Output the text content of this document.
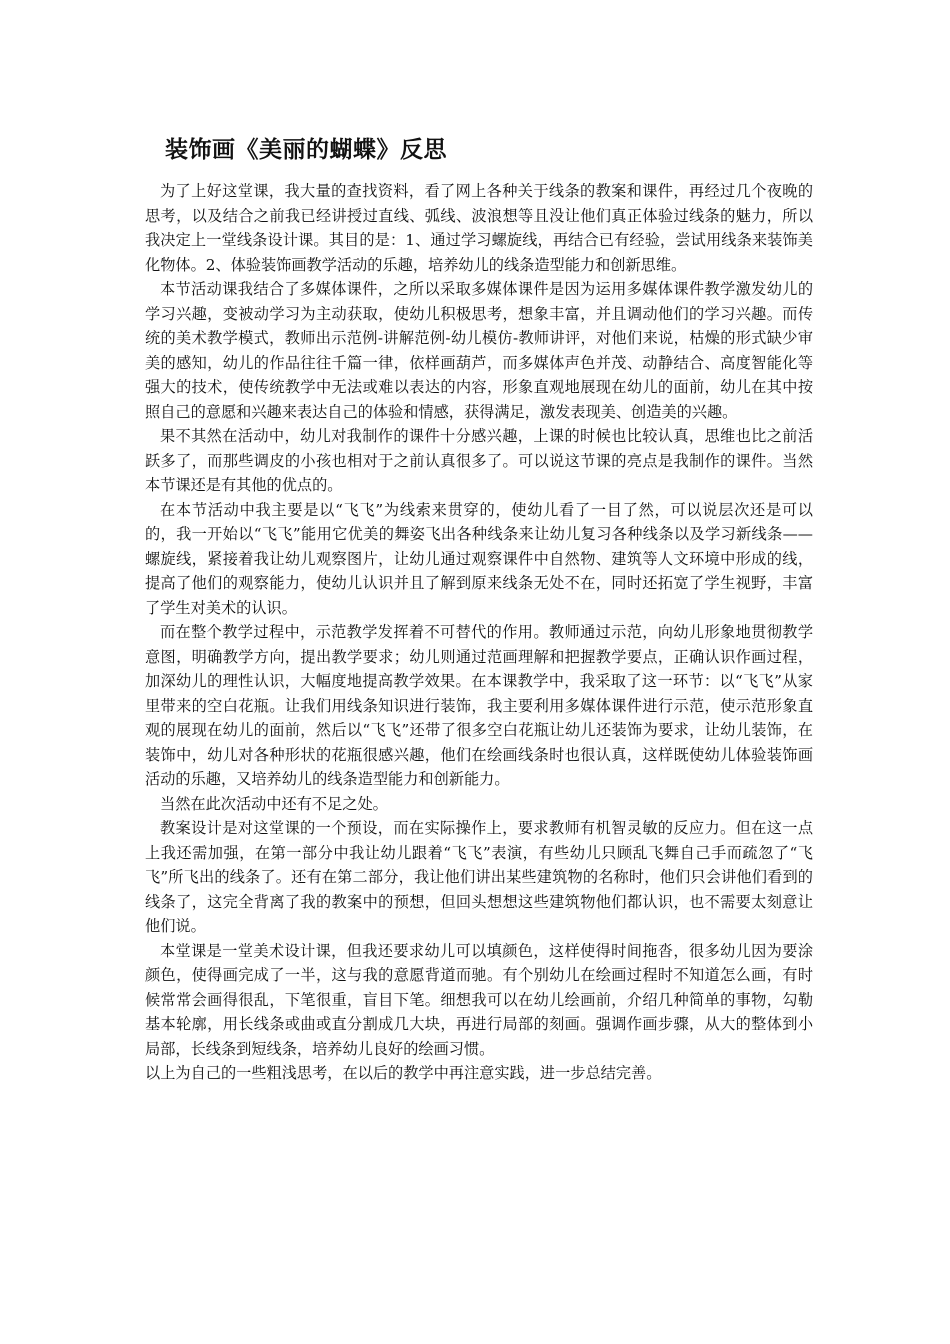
装饰画《美丽的蝴蝶》反思

为了上好这堂课，我大量的查找资料，看了网上各种关于线条的教案和课件，再经过几个夜晚的思考，以及结合之前我已经讲授过直线、弧线、波浪想等且没让他们真正体验过线条的魅力，所以我决定上一堂线条设计课。其目的是：1、通过学习螺旋线，再结合已有经验，尝试用线条来装饰美化物体。2、体验装饰画教学活动的乐趣，培养幼儿的线条造型能力和创新思维。

本节活动课我结合了多媒体课件，之所以采取多媒体课件是因为运用多媒体课件教学激发幼儿的学习兴趣，变被动学习为主动获取，使幼儿积极思考，想象丰富，并且调动他们的学习兴趣。而传统的美术教学模式，教师出示范例-讲解范例-幼儿模仿-教师讲评，对他们来说，枯燥的形式缺少审美的感知，幼儿的作品往往千篇一律，依样画葫芦，而多媒体声色并茂、动静结合、高度智能化等强大的技术，使传统教学中无法或难以表达的内容，形象直观地展现在幼儿的面前，幼儿在其中按照自己的意愿和兴趣来表达自己的体验和情感，获得满足，激发表现美、创造美的兴趣。

果不其然在活动中，幼儿对我制作的课件十分感兴趣，上课的时候也比较认真，思维也比之前活跃多了，而那些调皮的小孩也相对于之前认真很多了。可以说这节课的亮点是我制作的课件。当然本节课还是有其他的优点的。

在本节活动中我主要是以“飞飞”为线索来贯穿的，使幼儿看了一目了然，可以说层次还是可以的，我一开始以“飞飞”能用它优美的舞姿飞出各种线条来让幼儿复习各种线条以及学习新线条——螺旋线，紧接着我让幼儿观察图片，让幼儿通过观察课件中自然物、建筑等人文环境中形成的线，提高了他们的观察能力，使幼儿认识并且了解到原来线条无处不在，同时还拓宽了学生视野，丰富了学生对美术的认识。

而在整个教学过程中，示范教学发挥着不可替代的作用。教师通过示范，向幼儿形象地贯彻教学意图，明确教学方向，提出教学要求；幼儿则通过范画理解和把握教学要点，正确认识作画过程，加深幼儿的理性认识，大幅度地提高教学效果。在本课教学中，我采取了这一环节：以“飞飞”从家里带来的空白花瓶。让我们用线条知识进行装饰，我主要利用多媒体课件进行示范，使示范形象直观的展现在幼儿的面前，然后以“飞飞”还带了很多空白花瓶让幼儿还装饰为要求，让幼儿装饰，在装饰中，幼儿对各种形状的花瓶很感兴趣，他们在绘画线条时也很认真，这样既使幼儿体验装饰画活动的乐趣，又培养幼儿的线条造型能力和创新能力。

当然在此次活动中还有不足之处。

教案设计是对这堂课的一个预设，而在实际操作上，要求教师有机智灵敏的反应力。但在这一点上我还需加强，在第一部分中我让幼儿跟着“飞飞”表演，有些幼儿只顾乱飞舞自己手而疏忽了“飞飞”所飞出的线条了。还有在第二部分，我让他们讲出某些建筑物的名称时，他们只会讲他们看到的线条了，这完全背离了我的教案中的预想，但回头想想这些建筑物他们都认识，也不需要太刻意让他们说。

本堂课是一堂美术设计课，但我还要求幼儿可以填颜色，这样使得时间拖沓，很多幼儿因为要涂颜色，使得画完成了一半，这与我的意愿背道而驰。有个别幼儿在绘画过程时不知道怎么画，有时候常常会画得很乱，下笔很重，盲目下笔。细想我可以在幼儿绘画前，介绍几种简单的事物，勾勒基本轮廓，用长线条或曲或直分割成几大块，再进行局部的刻画。强调作画步骤，从大的整体到小局部，长线条到短线条，培养幼儿良好的绘画习惯。

以上为自己的一些粗浅思考，在以后的教学中再注意实践，进一步总结完善。
